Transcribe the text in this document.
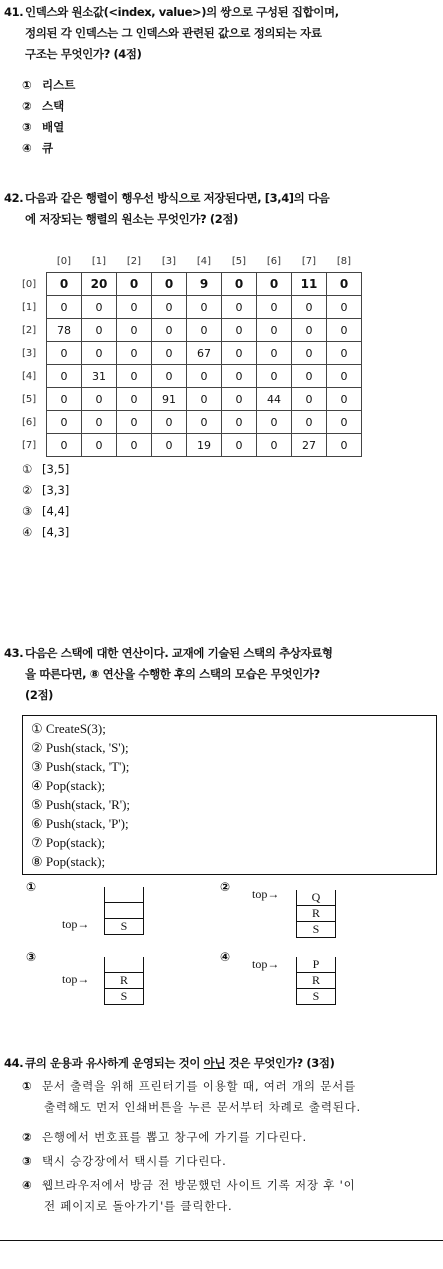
41. 인덱스와 원소값(<index, value>)의 쌍으로 구성된 집합이며,
정의된 각 인덱스는 그 인덱스와 관련된 값으로 정의되는 자료
구조는 무엇인가? (4점)
① 리스트
② 스택
③ 배열
④ 큐
42. 다음과 같은 행렬이 행우선 방식으로 저장된다면, [3,4]의 다음
에 저장되는 행렬의 원소는 무엇인가? (2점)
	[0]	[1]	[2]	[3]	[4]	[5]	[6]	[7]	[8]
[0]	0	20	0	0	9	0	0	11	0
[1]	0	0	0	0	0	0	0	0	0
[2]	78	0	0	0	0	0	0	0	0
[3]	0	0	0	0	67	0	0	0	0
[4]	0	31	0	0	0	0	0	0	0
[5]	0	0	0	91	0	0	44	0	0
[6]	0	0	0	0	0	0	0	0	0
[7]	0	0	0	0	19	0	0	27	0
① [3,5]
② [3,3]
③ [4,4]
④ [4,3]
43. 다음은 스택에 대한 연산이다. 교재에 기술된 스택의 추상자료형
을 따른다면, ⑧ 연산을 수행한 후의 스택의 모습은 무엇인가?
(2점)
① CreateS(3);
② Push(stack, 'S');
③ Push(stack, 'T');
④ Pop(stack);
⑤ Push(stack, 'R');
⑥ Push(stack, 'P');
⑦ Pop(stack);
⑧ Pop(stack);
①
S
top→
②
Q
R
S
top→
③
R
S
top→
④	P
R
S
top→
44. 큐의 운용과 유사하게 운영되는 것이 아닌 것은 무엇인가? (3점)
① 문서 출력을 위해 프린터기를 이용할 때, 여러 개의 문서를
출력해도 먼저 인쇄버튼을 누른 문서부터 차례로 출력된다.
② 은행에서 번호표를 뽑고 창구에 가기를 기다린다.
③ 택시 승강장에서 택시를 기다린다.
④ 웹브라우저에서 방금 전 방문했던 사이트 기록 저장 후 '이
전 페이지로 돌아가기'를 클릭한다.
